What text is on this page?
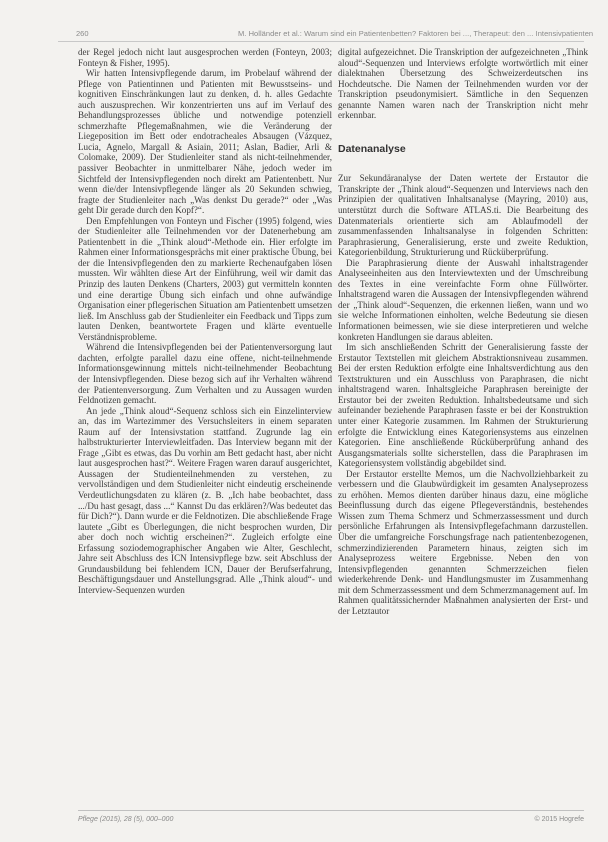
260	M. Holländer et al.: Warum sind ein Patientenbetten? Faktoren bei ..., Therapeut: den ... Intensivpatienten

der Regel jedoch nicht laut ausgesprochen werden (Fonteyn, 2003; Fonteyn & Fisher, 1995).

Wir hatten Intensivpflegende darum, im Probelauf während der Pflege von Patientinnen und Patienten mit Bewusstseins- und kognitiven Einschränkungen laut zu denken, d. h. alles Gedachte auch auszusprechen. Wir konzentrierten uns auf im Verlauf des Behandlungsprozesses übliche und notwendige potenziell schmerzhafte Pflegemaßnahmen, wie die Veränderung der Liegeposition im Bett oder endotracheales Absaugen (Vázquez, Lucia, Agnelo, Margall & Asiain, 2011; Aslan, Badier, Arli & Colomake, 2009). Der Studienleiter stand als nicht-teilnehmender, passiver Beobachter in unmittelbarer Nähe, jedoch weder im Sichtfeld der Intensivpflegenden noch direkt am Patientenbett. Nur wenn die/der Intensivpflegende länger als 20 Sekunden schwieg, fragte der Studienleiter nach „Was denkst Du gerade?“ oder „Was geht Dir gerade durch den Kopf?“.

Den Empfehlungen von Fonteyn und Fischer (1995) folgend, wies der Studienleiter alle Teilnehmenden vor der Datenerhebung am Patientenbett in die „Think aloud“-Methode ein. Hier erfolgte im Rahmen einer Informationsgesprächs mit einer praktische Übung, bei der die Intensivpflegenden den zu markierte Rechenaufgaben lösen mussten. Wir wählten diese Art der Einführung, weil wir damit das Prinzip des lauten Denkens (Charters, 2003) gut vermitteln konnten und eine derartige Übung sich einfach und ohne aufwändige Organisation einer pflegerischen Situation am Patientenbett umsetzen ließ. Im Anschluss gab der Studienleiter ein Feedback und Tipps zum lauten Denken, beantwortete Fragen und klärte eventuelle Verständnisprobleme.

Während die Intensivpflegenden bei der Patientenversorgung laut dachten, erfolgte parallel dazu eine offene, nicht-teilnehmende Informationsgewinnung mittels nicht-teilnehmender Beobachtung der Intensivpflegenden. Diese bezog sich auf ihr Verhalten während der Patientenversorgung. Zum Verhalten und zu Aussagen wurden Feldnotizen gemacht.

An jede „Think aloud“-Sequenz schloss sich ein Einzelinterview an, das im Wartezimmer des Versuchsleiters in einem separaten Raum auf der Intensivstation stattfand. Zugrunde lag ein halbstrukturierter Interviewleitfaden. Das Interview begann mit der Frage „Gibt es etwas, das Du vorhin am Bett gedacht hast, aber nicht laut ausgesprochen hast?“. Weitere Fragen waren darauf ausgerichtet, Aussagen der Studienteilnehmenden zu verstehen, zu vervollständigen und dem Studienleiter nicht eindeutig erscheinende Verdeutlichungsdaten zu klären (z. B. „Ich habe beobachtet, dass .../Du hast gesagt, dass ...“ Kannst Du das erklären?/Was bedeutet das für Dich?“). Dann wurde er die Feldnotizen. Die abschließende Frage lautete „Gibt es Überlegungen, die nicht besprochen wurden, Dir aber doch noch wichtig erscheinen?“. Zugleich erfolgte eine Erfassung soziodemographischer Angaben wie Alter, Geschlecht, Jahre seit Abschluss des ICN Intensivpflege bzw. seit Abschluss der Grundausbildung bei fehlendem ICN, Dauer der Berufserfahrung, Beschäftigungsdauer und Anstellungsgrad. Alle „Think aloud“- und Interview-Sequenzen wurden

digital aufgezeichnet. Die Transkription der aufgezeichneten „Think aloud“-Sequenzen und Interviews erfolgte wortwörtlich mit einer dialektnahen Übersetzung des Schweizerdeutschen ins Hochdeutsche. Die Namen der Teilnehmenden wurden vor der Transkription pseudonymisiert. Sämtliche in den Sequenzen genannte Namen waren nach der Transkription nicht mehr erkennbar.

Datenanalyse

Zur Sekundäranalyse der Daten wertete der Erstautor die Transkripte der „Think aloud“-Sequenzen und Interviews nach den Prinzipien der qualitativen Inhaltsanalyse (Mayring, 2010) aus, unterstützt durch die Software ATLAS.ti. Die Bearbeitung des Datenmaterials orientierte sich am Ablaufmodell der zusammenfassenden Inhaltsanalyse in folgenden Schritten: Paraphrasierung, Generalisierung, erste und zweite Reduktion, Kategorienbildung, Strukturierung und Rücküberprüfung.

Die Paraphrasierung diente der Auswahl inhaltstragender Analyseeinheiten aus den Interviewtexten und der Umschreibung des Textes in eine vereinfachte Form ohne Füllwörter. Inhaltstragend waren die Aussagen der Intensivpflegenden während der „Think aloud“-Sequenzen, die erkennen ließen, wann und wo sie welche Informationen einholten, welche Bedeutung sie diesen Informationen beimessen, wie sie diese interpretieren und welche konkreten Handlungen sie daraus ableiten.

Im sich anschließenden Schritt der Generalisierung fasste der Erstautor Textstellen mit gleichem Abstraktionsniveau zusammen. Bei der ersten Reduktion erfolgte eine Inhaltsverdichtung aus den Textstrukturen und ein Ausschluss von Paraphrasen, die nicht inhaltstragend waren. Inhaltsgleiche Paraphrasen bereinigte der Erstautor bei der zweiten Reduktion. Inhaltsbedeutsame und sich aufeinander beziehende Paraphrasen fasste er bei der Konstruktion unter einer Kategorie zusammen. Im Rahmen der Strukturierung erfolgte die Entwicklung eines Kategoriensystems aus einzelnen Kategorien. Eine anschließende Rücküberprüfung anhand des Ausgangsmaterials sollte sicherstellen, dass die Paraphrasen im Kategoriensystem vollständig abgebildet sind.

Der Erstautor erstellte Memos, um die Nachvollziehbarkeit zu verbessern und die Glaubwürdigkeit im gesamten Analyseprozess zu erhöhen. Memos dienten darüber hinaus dazu, eine mögliche Beeinflussung durch das eigene Pflegeverständnis, bestehendes Wissen zum Thema Schmerz und Schmerzassessment und durch persönliche Erfahrungen als Intensivpflegefachmann darzustellen. Über die umfangreiche Forschungsfrage nach patientenbezogenen, schmerzindizierenden Parametern hinaus, zeigten sich im Analyseprozess weitere Ergebnisse. Neben den von Intensivpflegenden genannten Schmerzzeichen fielen wiederkehrende Denk- und Handlungsmuster im Zusammenhang mit dem Schmerzassessment und dem Schmerzmanagement auf. Im Rahmen qualitätssichernder Maßnahmen analysierten der Erst- und der Letztautor

Pflege (2015), 28 (5), 000–000	© 2015 Hogrefe
